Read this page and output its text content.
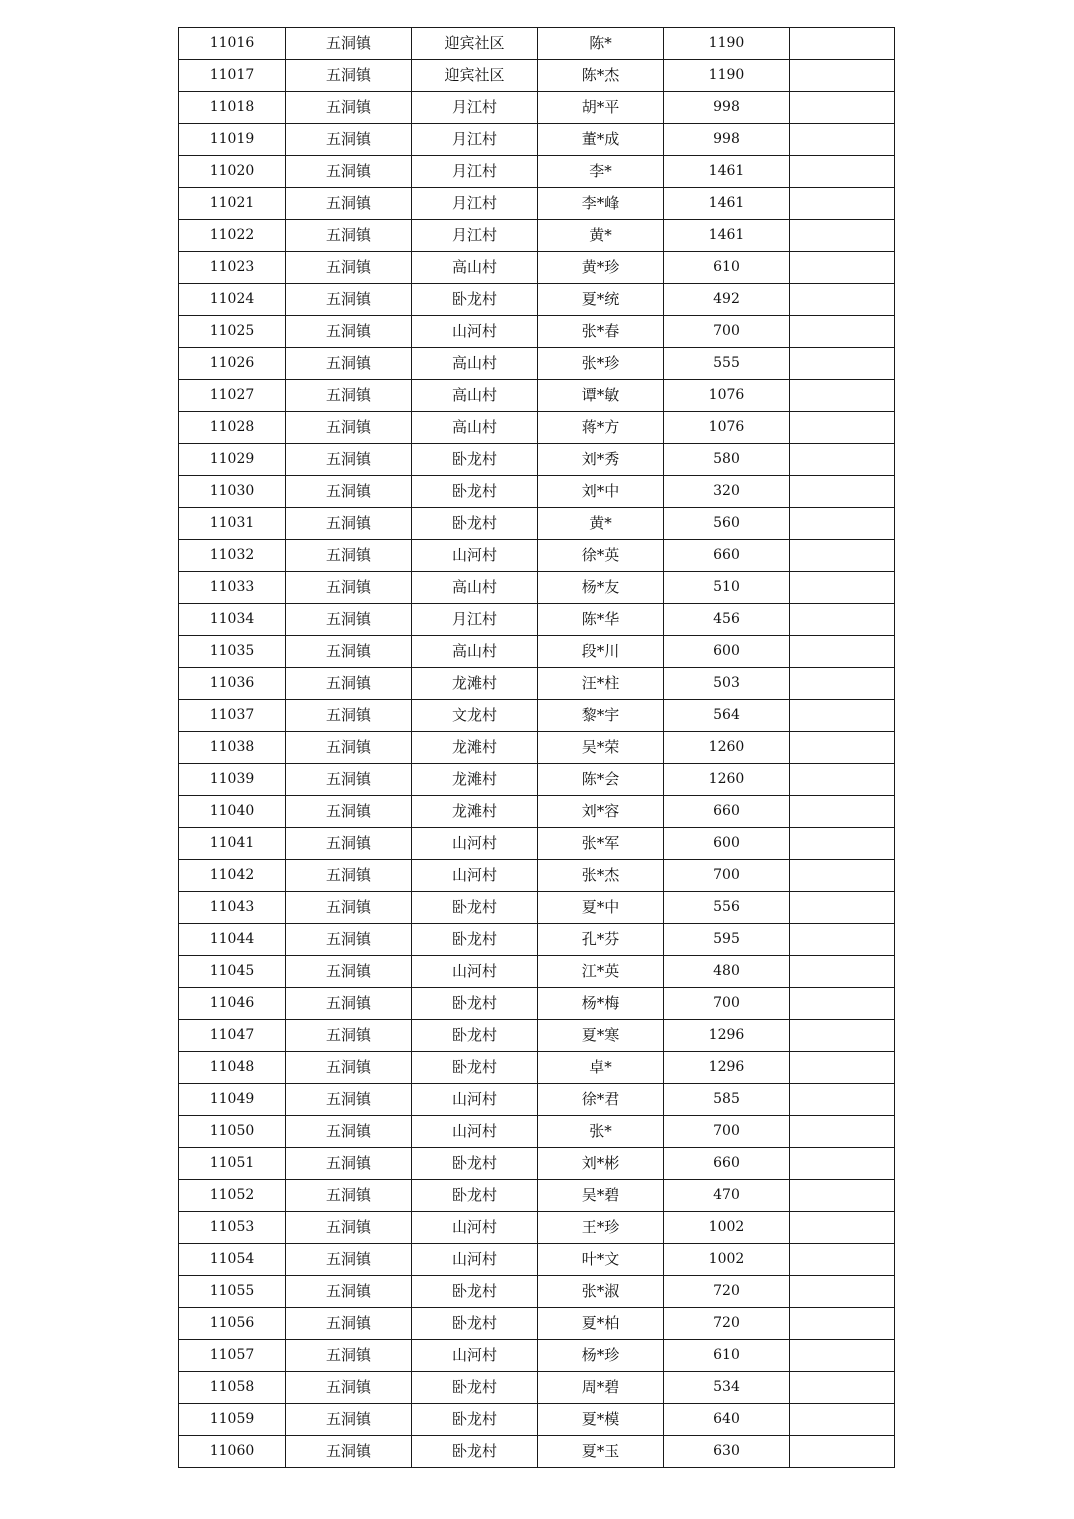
11016	五洞镇	迎宾社区	陈*	1190	
11017	五洞镇	迎宾社区	陈*杰	1190	
11018	五洞镇	月江村	胡*平	998	
11019	五洞镇	月江村	董*成	998	
11020	五洞镇	月江村	李*	1461	
11021	五洞镇	月江村	李*峰	1461	
11022	五洞镇	月江村	黄*	1461	
11023	五洞镇	高山村	黄*珍	610	
11024	五洞镇	卧龙村	夏*统	492	
11025	五洞镇	山河村	张*春	700	
11026	五洞镇	高山村	张*珍	555	
11027	五洞镇	高山村	谭*敏	1076	
11028	五洞镇	高山村	蒋*方	1076	
11029	五洞镇	卧龙村	刘*秀	580	
11030	五洞镇	卧龙村	刘*中	320	
11031	五洞镇	卧龙村	黄*	560	
11032	五洞镇	山河村	徐*英	660	
11033	五洞镇	高山村	杨*友	510	
11034	五洞镇	月江村	陈*华	456	
11035	五洞镇	高山村	段*川	600	
11036	五洞镇	龙滩村	汪*柱	503	
11037	五洞镇	文龙村	黎*宇	564	
11038	五洞镇	龙滩村	吴*荣	1260	
11039	五洞镇	龙滩村	陈*会	1260	
11040	五洞镇	龙滩村	刘*容	660	
11041	五洞镇	山河村	张*军	600	
11042	五洞镇	山河村	张*杰	700	
11043	五洞镇	卧龙村	夏*中	556	
11044	五洞镇	卧龙村	孔*芬	595	
11045	五洞镇	山河村	江*英	480	
11046	五洞镇	卧龙村	杨*梅	700	
11047	五洞镇	卧龙村	夏*寒	1296	
11048	五洞镇	卧龙村	卓*	1296	
11049	五洞镇	山河村	徐*君	585	
11050	五洞镇	山河村	张*	700	
11051	五洞镇	卧龙村	刘*彬	660	
11052	五洞镇	卧龙村	吴*碧	470	
11053	五洞镇	山河村	王*珍	1002	
11054	五洞镇	山河村	叶*文	1002	
11055	五洞镇	卧龙村	张*淑	720	
11056	五洞镇	卧龙村	夏*柏	720	
11057	五洞镇	山河村	杨*珍	610	
11058	五洞镇	卧龙村	周*碧	534	
11059	五洞镇	卧龙村	夏*模	640	
11060	五洞镇	卧龙村	夏*玉	630	
